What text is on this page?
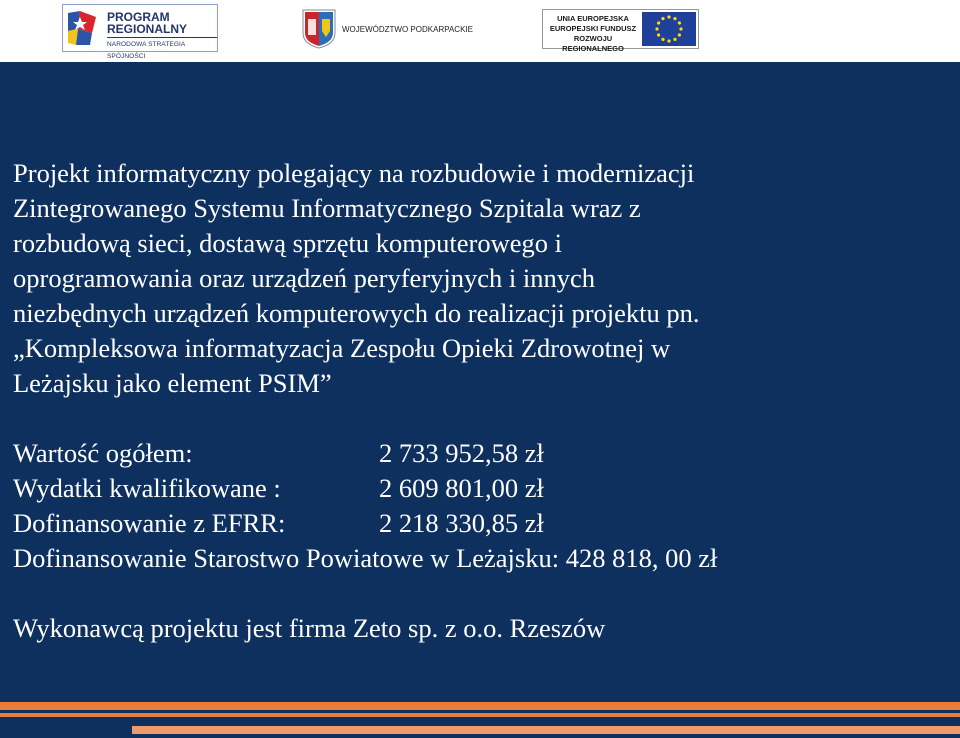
PROGRAM
REGIONALNY
NARODOWA STRATEGIA SPÓJNOŚCI
WOJEWÓDZTWO PODKARPACKIE
UNIA EUROPEJSKA
EUROPEJSKI FUNDUSZ
ROZWOJU REGIONALNEGO

Projekt informatyczny polegający na rozbudowie i modernizacji
Zintegrowanego Systemu Informatycznego Szpitala wraz z
rozbudową sieci, dostawą sprzętu komputerowego i
oprogramowania oraz urządzeń peryferyjnych i innych
niezbędnych urządzeń komputerowych do realizacji projektu pn.
„Kompleksowa informatyzacja Zespołu Opieki Zdrowotnej w
Leżajsku jako element PSIM”

Wartość ogółem:	2 733 952,58 zł
Wydatki kwalifikowane :	2 609 801,00 zł
Dofinansowanie z EFRR:	2 218 330,85 zł
Dofinansowanie Starostwo Powiatowe w Leżajsku: 428 818, 00 zł
Wykonawcą projektu jest firma Zeto sp. z o.o. Rzeszów
